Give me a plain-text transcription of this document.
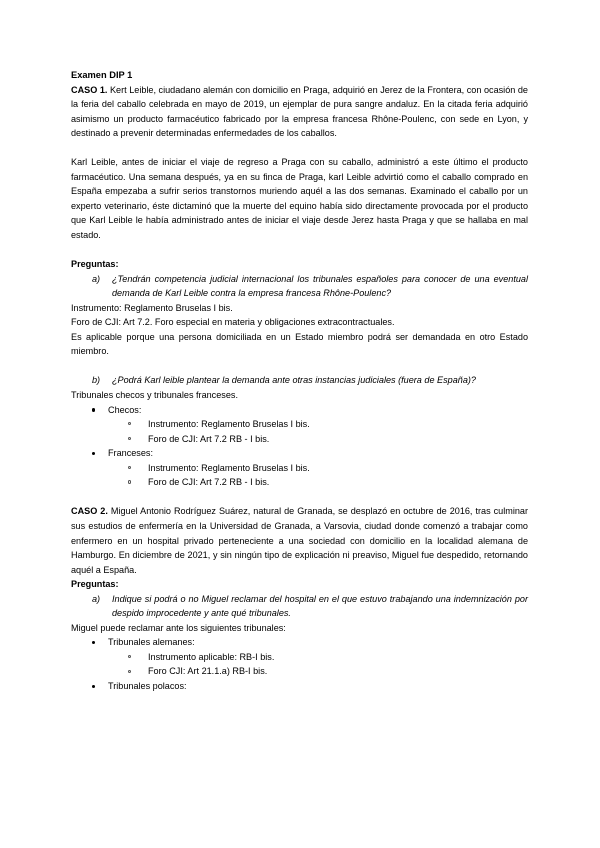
Examen DIP 1

CASO 1. Kert Leible, ciudadano alemán con domicilio en Praga, adquirió en Jerez de la Frontera, con ocasión de la feria del caballo celebrada en mayo de 2019, un ejemplar de pura sangre andaluz. En la citada feria adquirió asimismo un producto farmacéutico fabricado por la empresa francesa Rhône-Poulenc, con sede en Lyon, y destinado a prevenir determinadas enfermedades de los caballos.

Karl Leible, antes de iniciar el viaje de regreso a Praga con su caballo, administró a este último el producto farmacéutico. Una semana después, ya en su finca de Praga, karl Leible advirtió como el caballo comprado en España empezaba a sufrir serios transtornos muriendo aquél a las dos semanas. Examinado el caballo por un experto veterinario, éste dictaminó que la muerte del equino había sido directamente provocada por el producto que Karl Leible le había administrado antes de iniciar el viaje desde Jerez hasta Praga y que se hallaba en mal estado.

Preguntas:

a) ¿Tendrán competencia judicial internacional los tribunales españoles para conocer de una eventual demanda de Karl Leible contra la empresa francesa Rhône-Poulenc?

Instrumento: Reglamento Bruselas I bis.

Foro de CJI: Art 7.2. Foro especial en materia y obligaciones extracontractuales.

Es aplicable porque una persona domiciliada en un Estado miembro podrá ser demandada en otro Estado miembro.

b) ¿Podrá Karl leible plantear la demanda ante otras instancias judiciales (fuera de España)?

Tribunales checos y tribunales franceses.

Checos:
Instrumento: Reglamento Bruselas I bis.
Foro de CJI: Art 7.2 RB - I bis.
Franceses:
Instrumento: Reglamento Bruselas I bis.
Foro de CJI: Art 7.2 RB - I bis.

CASO 2. Miguel Antonio Rodríguez Suárez, natural de Granada, se desplazó en octubre de 2016, tras culminar sus estudios de enfermería en la Universidad de Granada, a Varsovia, ciudad donde comenzó a trabajar como enfermero en un hospital privado perteneciente a una sociedad con domicilio en la localidad alemana de Hamburgo. En diciembre de 2021, y sin ningún tipo de explicación ni preaviso, Miguel fue despedido, retornando aquél a España.

Preguntas:

a) Indique si podrá o no Miguel reclamar del hospital en el que estuvo trabajando una indemnización por despido improcedente y ante qué tribunales.

Miguel puede reclamar ante los siguientes tribunales:

Tribunales alemanes:
Instrumento aplicable: RB-I bis.
Foro CJI: Art 21.1.a) RB-I bis.
Tribunales polacos:
